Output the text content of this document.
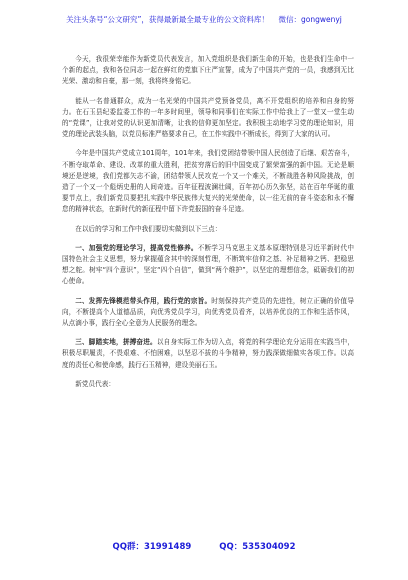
关注头条号“公文研究”，获得最新最全最专业的公文资料库！ 微信：gongwenyj

今天，我很荣幸能作为新党员代表发言，加入党组织是我们新生命的开始，也是我们生命中一个新的起点，我和各位同志一起在鲜红的党旗下庄严宣誓，成为了中国共产党的一员，我感到无比光荣、激动和自豪，那一刻，我将终身铭记。

能从一名普通群众，成为一名光荣的中国共产党预备党员，离不开党组织的培养和自身的努力。在石玉县纪委监委工作的一年多时间里，领导和同事们在实际工作中给我上了一堂又一堂生动的“党课”，让我对党的认识更加清晰，让我的信仰更加坚定。我积极主动地学习党的理论知识，用党的理论武装头脑，以党员标准严格要求自己，在工作实践中不断成长，得到了大家的认可。

今年是中国共产党成立101周年，101年来，我们党团结带领中国人民创造了后继、艰苦奋斗，不断夺取革命、建设、改革的重大胜利，把贫穷落后的旧中国变成了繁荣富强的新中国。无论是顺境还是逆境，我们党都矢志不渝，团结带领人民攻克一个又一个难关，不断战胜各种风险挑战，创造了一个又一个彪炳史册的人间奇迹。百年征程波澜壮阔，百年初心历久弥坚，站在百年华诞的重要节点上，我们新党员要把扎实践中华民族伟大复兴的光荣使命，以一往无前的奋斗姿态和永不懈怠的精神状态，在新时代的新征程中留下许党报国的奋斗足迹。

在以后的学习和工作中我们要切实做到以下三点：

一、加强党的理论学习，提高党性修养。不断学习马克思主义基本原理特别是习近平新时代中国特色社会主义思想，努力掌握蕴含其中的深刻哲理，不断筑牢信仰之基、补足精神之钙、把稳思想之舵。树牢“四个意识”，坚定“四个自信”，做到“两个维护”，以坚定的理想信念，砥砺我们的初心使命。

二、发挥先锋模范带头作用，践行党的宗旨。时刻保持共产党员的先进性，树立正确的价值导向，不断提高个人道德品质，向优秀党员学习，向优秀党员看齐，以培养优良的工作和生活作风，从点滴小事，践行全心全意为人民服务的理念。

三、脚踏实地，拼搏奋进。以自身实际工作为切入点，将党的科学理论充分运用在实践当中，积极尽职履责，不畏艰难、不怕困难，以坚忍不拔的斗争精神，努力践深做细做实各项工作。以高度的责任心和使命感，践行石玉精神，建设美丽石玉。

新党员代表：

QQ群：31991489	QQ：535304092
